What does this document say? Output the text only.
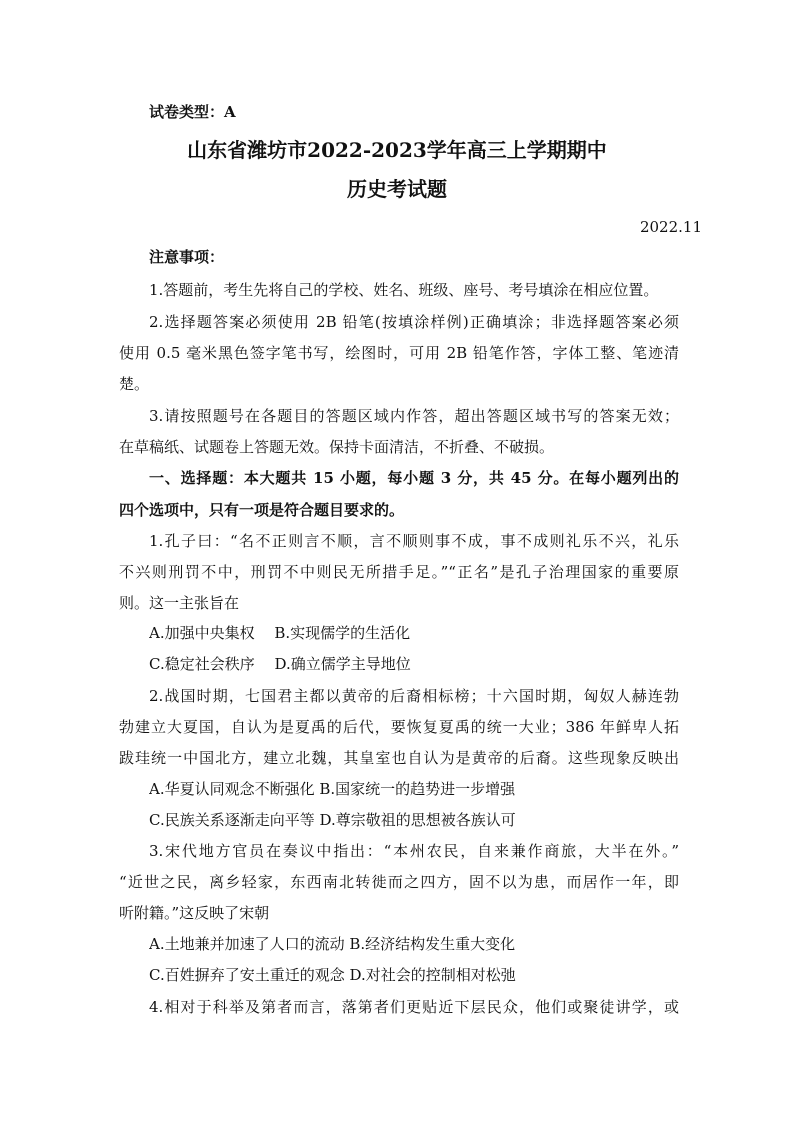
试卷类型：A
山东省潍坊市2022-2023学年高三上学期期中
历史考试题
2022.11
注意事项：
1.答题前，考生先将自己的学校、姓名、班级、座号、考号填涂在相应位置。
2.选择题答案必须使用 2B 铅笔(按填涂样例)正确填涂；非选择题答案必须
使用 0.5 毫米黑色签字笔书写，绘图时，可用 2B 铅笔作答，字体工整、笔迹清
楚。
3.请按照题号在各题目的答题区域内作答，超出答题区域书写的答案无效；
在草稿纸、试题卷上答题无效。保持卡面清洁，不折叠、不破损。
一、选择题：本大题共 15 小题，每小题 3 分，共 45 分。在每小题列出的
四个选项中，只有一项是符合题目要求的。
1.孔子曰：“名不正则言不顺，言不顺则事不成，事不成则礼乐不兴，礼乐
不兴则刑罚不中，刑罚不中则民无所措手足。”“正名”是孔子治理国家的重要原
则。这一主张旨在
A.加强中央集权　 B.实现儒学的生活化
C.稳定社会秩序　 D.确立儒学主导地位
2.战国时期，七国君主都以黄帝的后裔相标榜；十六国时期，匈奴人赫连勃
勃建立大夏国，自认为是夏禹的后代，要恢复夏禹的统一大业；386 年鲜卑人拓
跋珪统一中国北方，建立北魏，其皇室也自认为是黄帝的后裔。这些现象反映出
A.华夏认同观念不断强化 B.国家统一的趋势进一步增强
C.民族关系逐渐走向平等 D.尊宗敬祖的思想被各族认可
3.宋代地方官员在奏议中指出：“本州农民，自来兼作商旅，大半在外。”
“近世之民，离乡轻家，东西南北转徙而之四方，固不以为患，而居作一年，即
听附籍。”这反映了宋朝
A.土地兼并加速了人口的流动 B.经济结构发生重大变化
C.百姓摒弃了安土重迁的观念 D.对社会的控制相对松弛
4.相对于科举及第者而言，落第者们更贴近下层民众，他们或聚徒讲学，或
